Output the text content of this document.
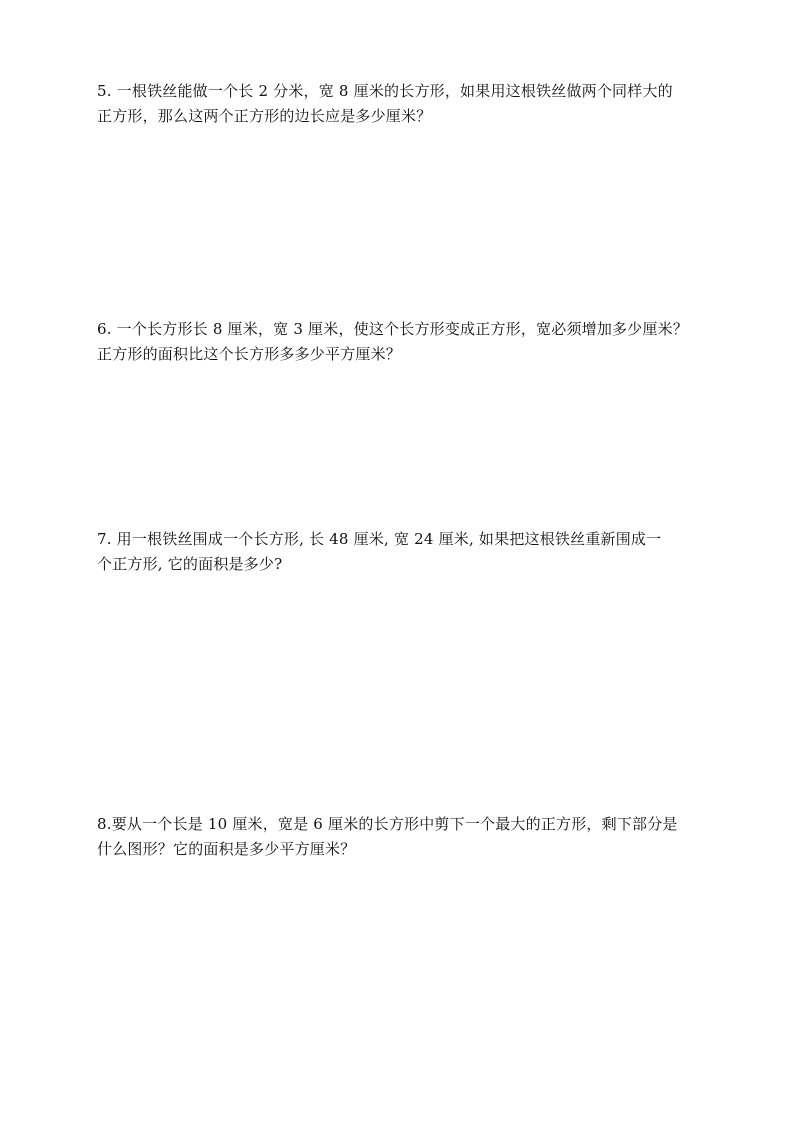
5. 一根铁丝能做一个长 2 分米，宽 8 厘米的长方形，如果用这根铁丝做两个同样大的
正方形，那么这两个正方形的边长应是多少厘米？
6. 一个长方形长 8 厘米，宽 3 厘米，使这个长方形变成正方形，宽必须增加多少厘米？
正方形的面积比这个长方形多多少平方厘米？
7. 用一根铁丝围成一个长方形, 长 48 厘米, 宽 24 厘米, 如果把这根铁丝重新围成一
个正方形, 它的面积是多少?
8.要从一个长是 10 厘米，宽是 6 厘米的长方形中剪下一个最大的正方形，剩下部分是
什么图形？它的面积是多少平方厘米？
